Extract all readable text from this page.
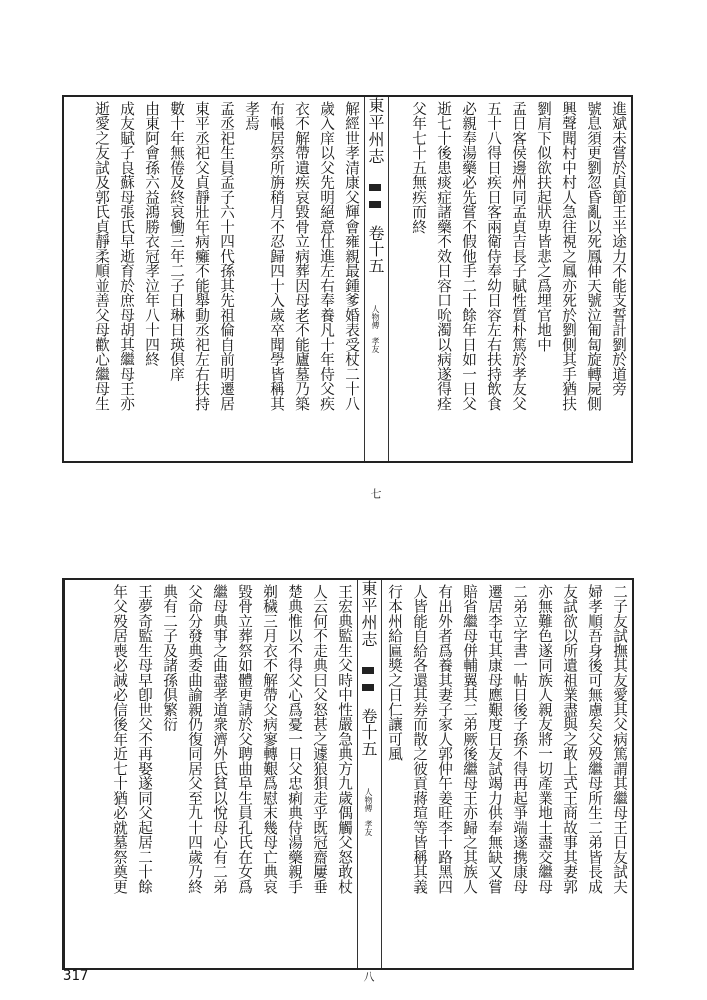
進斌未嘗於貞節王半途力不能支誓計劉於道旁
號息須更劉忽昏亂以死鳳伸天號泣匍匐旋轉屍側
興聲聞村中村人急往視之鳳亦死於劉側其手猶扶
劉肩下似欲扶起狀卑皆悲之爲埋官地中
孟日客侯邊州同孟貞吉長子賦性質朴篤於孝友父
五十八得日疾日客兩衛侍奉幼日容左右扶持飲食
必親奉湯藥必先嘗不假他手二十餘年日如一日父
逝七十後患痰症諸藥不效日容口吮濁以病遂得痊
父年七十五無疾而終
東平州志  卷十五 人物傳　孝友 七
解經世孝清康父輝會雍親最鍾爹婚表受杖二十八
歲入庠以父先明絕意仕進左右奉養凡十年侍父疾
衣不解帶遺疾哀毀骨立病葬因母老不能廬墓乃築
布帳居祭所旃稍月不忍歸四十入歲卒聞學皆稱其
孝焉
孟丞祀生員孟子六十四代孫其先祖倫自前明遷居
東平丞祀父貞靜壯年病癱不能舉動丞祀左右扶持
數十年無倦及終哀慟三年二子日琳日瑛俱庠
由東阿會孫六益鴻勝衣冠孝泣年八十四終
成友賦子良蘇母張氏早逝育於庶母胡其繼母王亦
逝愛之友試及郭氏貞靜柔順並善父母歡心繼母生
二子友試撫其友愛其父病篤謂其繼母王日友試夫
婦孝順吾身後可無慮矣父殁繼母所生二弟皆長成
友試欲以所遺祖業盡與之敢上式王商故事其妻郭
亦無難色遂同族人親友將一切產業地土盡交繼母
二弟立字書一帖日後子孫不得再起爭端遂携康母
遷居李屯其康母應艱度日友試竭力供奉無缺又嘗
賠省繼母併輔翼其二弟厥後繼母王亦歸之其族人
有出外者爲養其妻子家人郭仲午姜旺李十路黑四
人皆能自給各還其券而散之彼貢蔣瑄等皆稱其義
行本州給匾獎之日仁讓可風
東平州志  卷十五 人物傳　孝友 八
王宏典監生父時中性嚴急典方九歲偶觸父怒敢杖
人云何不走典曰父怒甚之遽狼狽走乎既冠齋屢垂
楚典惟以不得父心爲憂一日父忠痢典侍湯藥親手
剃穢三月衣不解帶父病寥轉艱爲慰末幾母亡典哀
毀骨立葬祭如體更請於父聘曲阜生員孔氏在女爲
繼母典事之曲盡孝道衆濟外氏貧以悅母心有二弟
父命分發典委曲諭親仍復同居父至九十四歲乃終
典有二子及諸孫俱繁衍
王夢奇監生母早卽世父不再娶遂同父起居二十餘
年父殁居喪必誠必信後年近七十猶必就墓祭奠更
317
